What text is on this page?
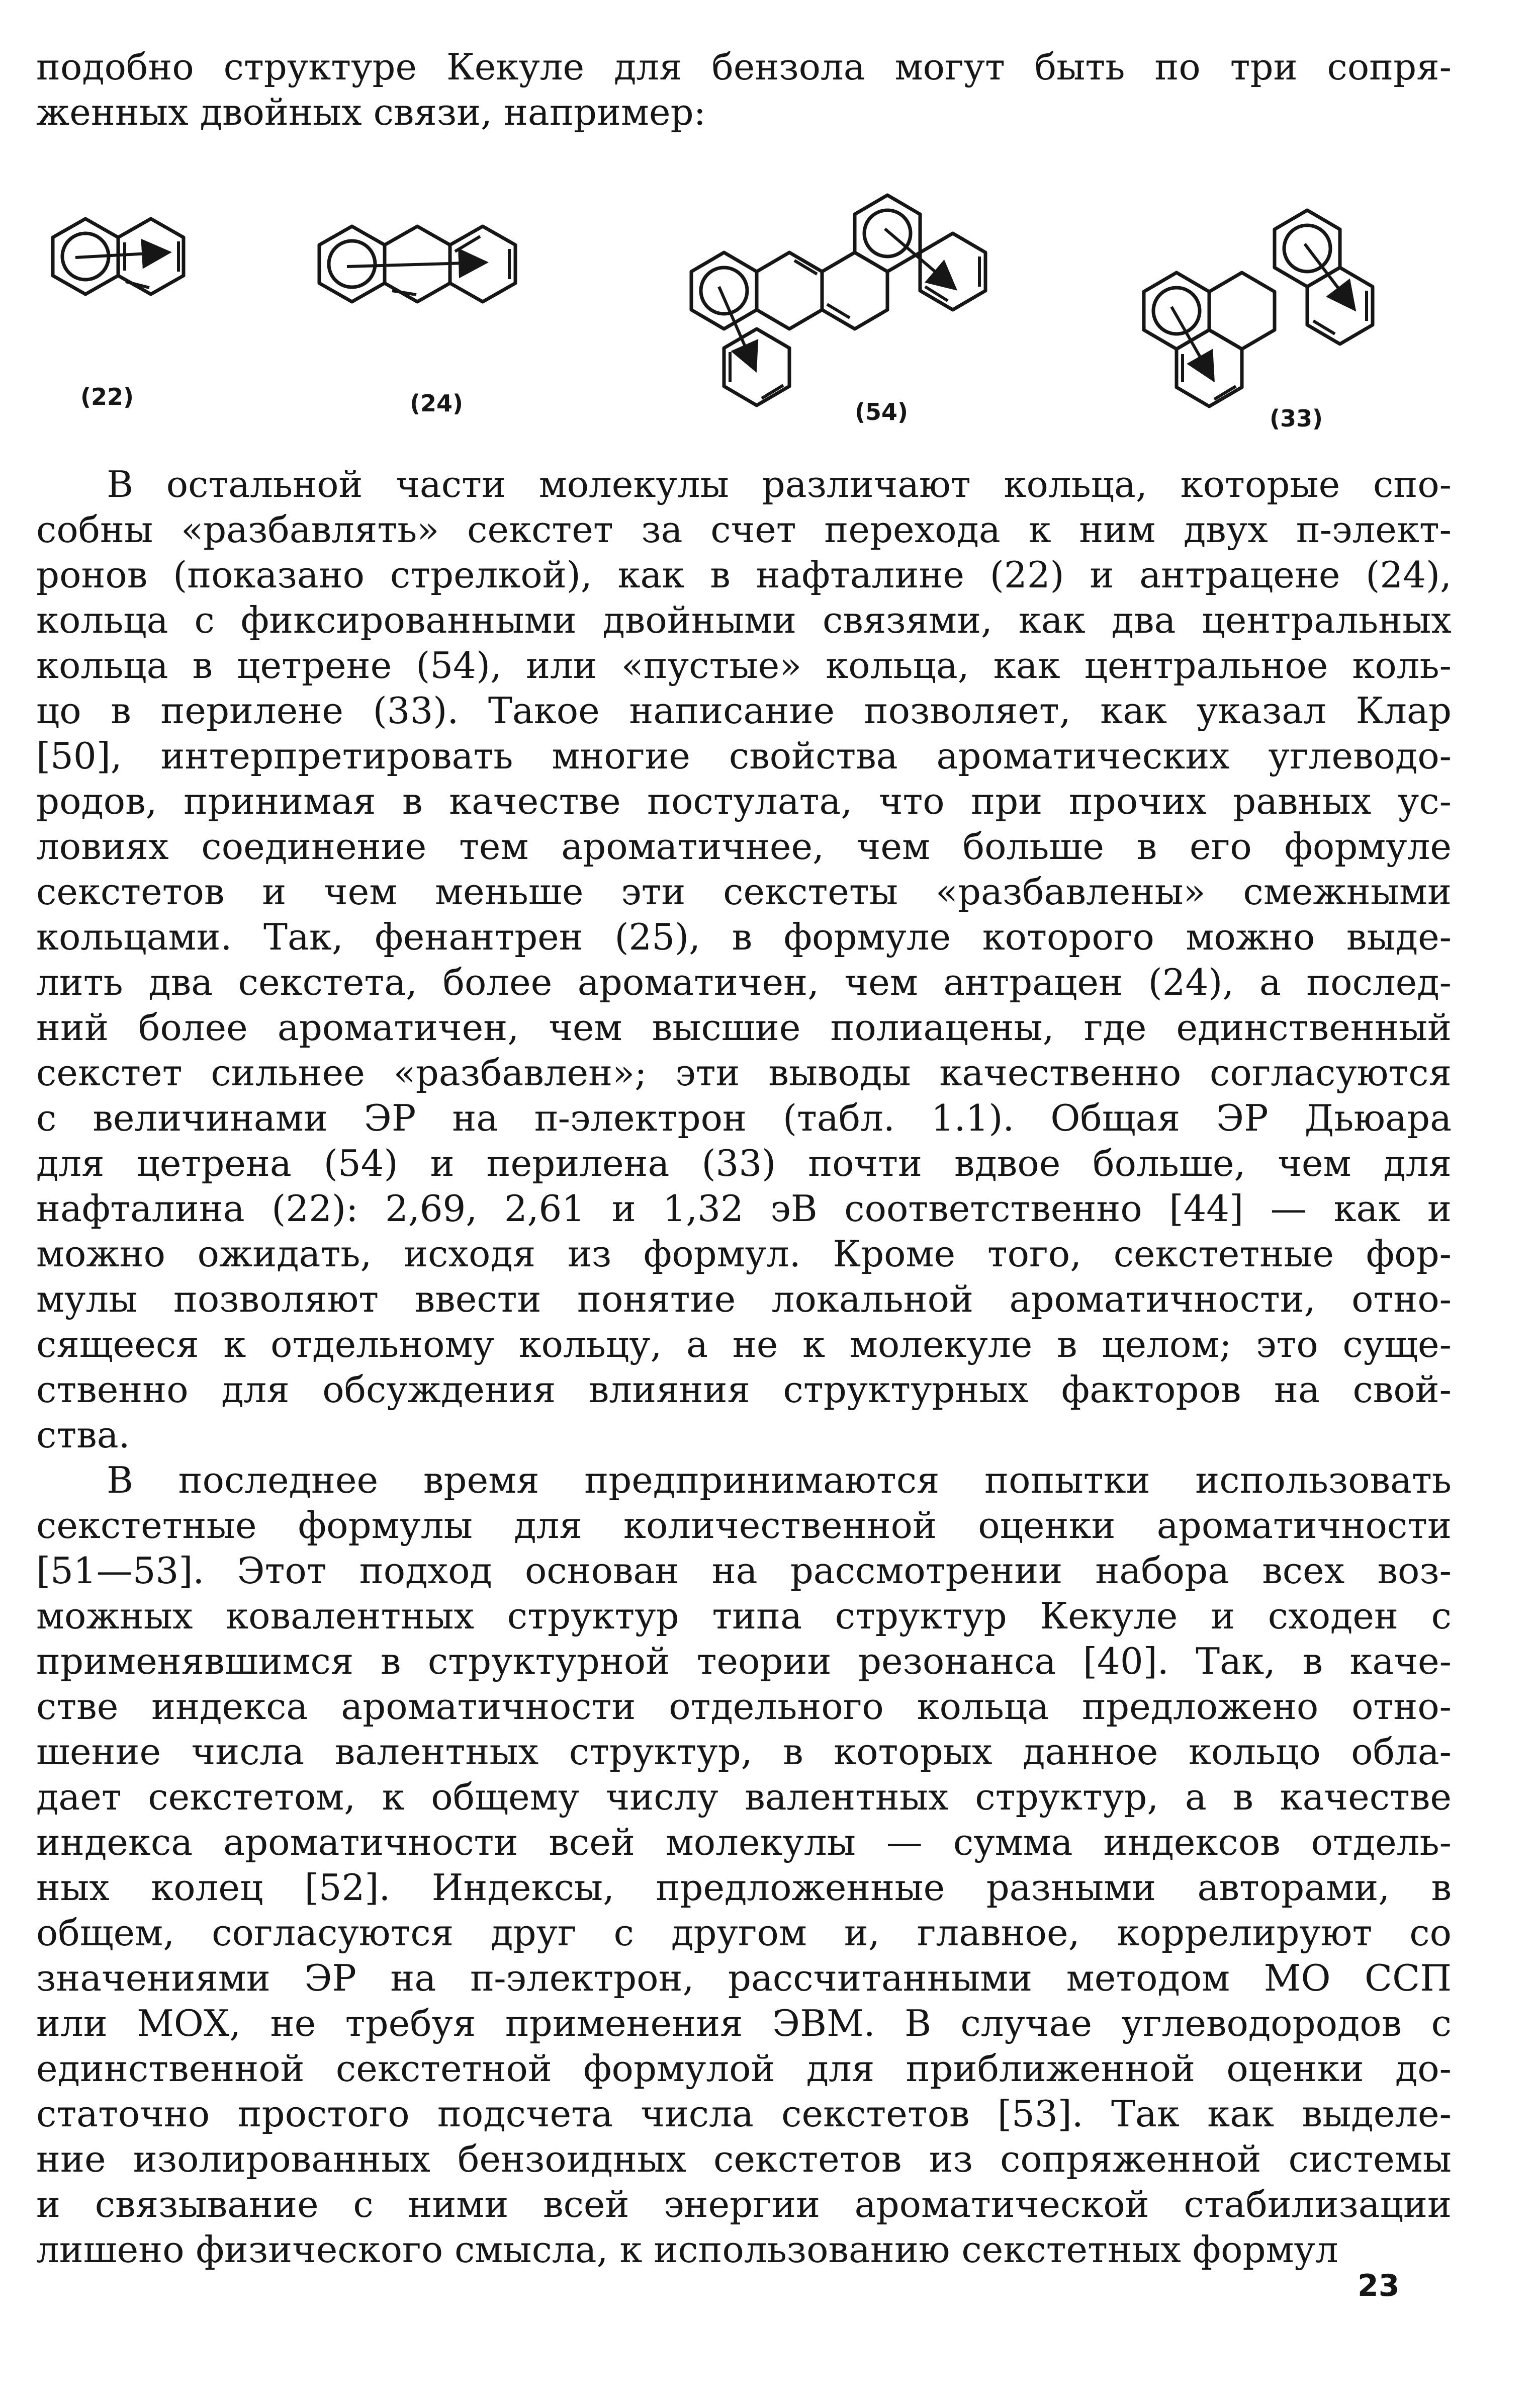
подобно структуре Кекуле для бензола могут быть по три сопря-
женных двойных связи, например:
(22)	(24)	(54)	(33)
В остальной части молекулы различают кольца, которые спо-
собны «разбавлять» секстет за счет перехода к ним двух π-элект-
ронов (показано стрелкой), как в нафталине (22) и антрацене (24),
кольца с фиксированными двойными связями, как два центральных
кольца в цетрене (54), или «пустые» кольца, как центральное коль-
цо в перилене (33). Такое написание позволяет, как указал Клар
[50], интерпретировать многие свойства ароматических углеводо-
родов, принимая в качестве постулата, что при прочих равных ус-
ловиях соединение тем ароматичнее, чем больше в его формуле
секстетов и чем меньше эти секстеты «разбавлены» смежными
кольцами. Так, фенантрен (25), в формуле которого можно выде-
лить два секстета, более ароматичен, чем антрацен (24), а послед-
ний более ароматичен, чем высшие полиацены, где единственный
секстет сильнее «разбавлен»; эти выводы качественно согласуются
с величинами ЭР на π-электрон (табл. 1.1). Общая ЭР Дьюара
для цетрена (54) и перилена (33) почти вдвое больше, чем для
нафталина (22): 2,69, 2,61 и 1,32 эВ соответственно [44] — как и
можно ожидать, исходя из формул. Кроме того, секстетные фор-
мулы позволяют ввести понятие локальной ароматичности, отно-
сящееся к отдельному кольцу, а не к молекуле в целом; это суще-
ственно для обсуждения влияния структурных факторов на свой-
ства.
В последнее время предпринимаются попытки использовать
секстетные формулы для количественной оценки ароматичности
[51—53]. Этот подход основан на рассмотрении набора всех воз-
можных ковалентных структур типа структур Кекуле и сходен с
применявшимся в структурной теории резонанса [40]. Так, в каче-
стве индекса ароматичности отдельного кольца предложено отно-
шение числа валентных структур, в которых данное кольцо обла-
дает секстетом, к общему числу валентных структур, а в качестве
индекса ароматичности всей молекулы — сумма индексов отдель-
ных колец [52]. Индексы, предложенные разными авторами, в
общем, согласуются друг с другом и, главное, коррелируют со
значениями ЭР на π-электрон, рассчитанными методом МО ССП
или МОХ, не требуя применения ЭВМ. В случае углеводородов с
единственной секстетной формулой для приближенной оценки до-
статочно простого подсчета числа секстетов [53]. Так как выделе-
ние изолированных бензоидных секстетов из сопряженной системы
и связывание с ними всей энергии ароматической стабилизации
лишено физического смысла, к использованию секстетных формул
23
